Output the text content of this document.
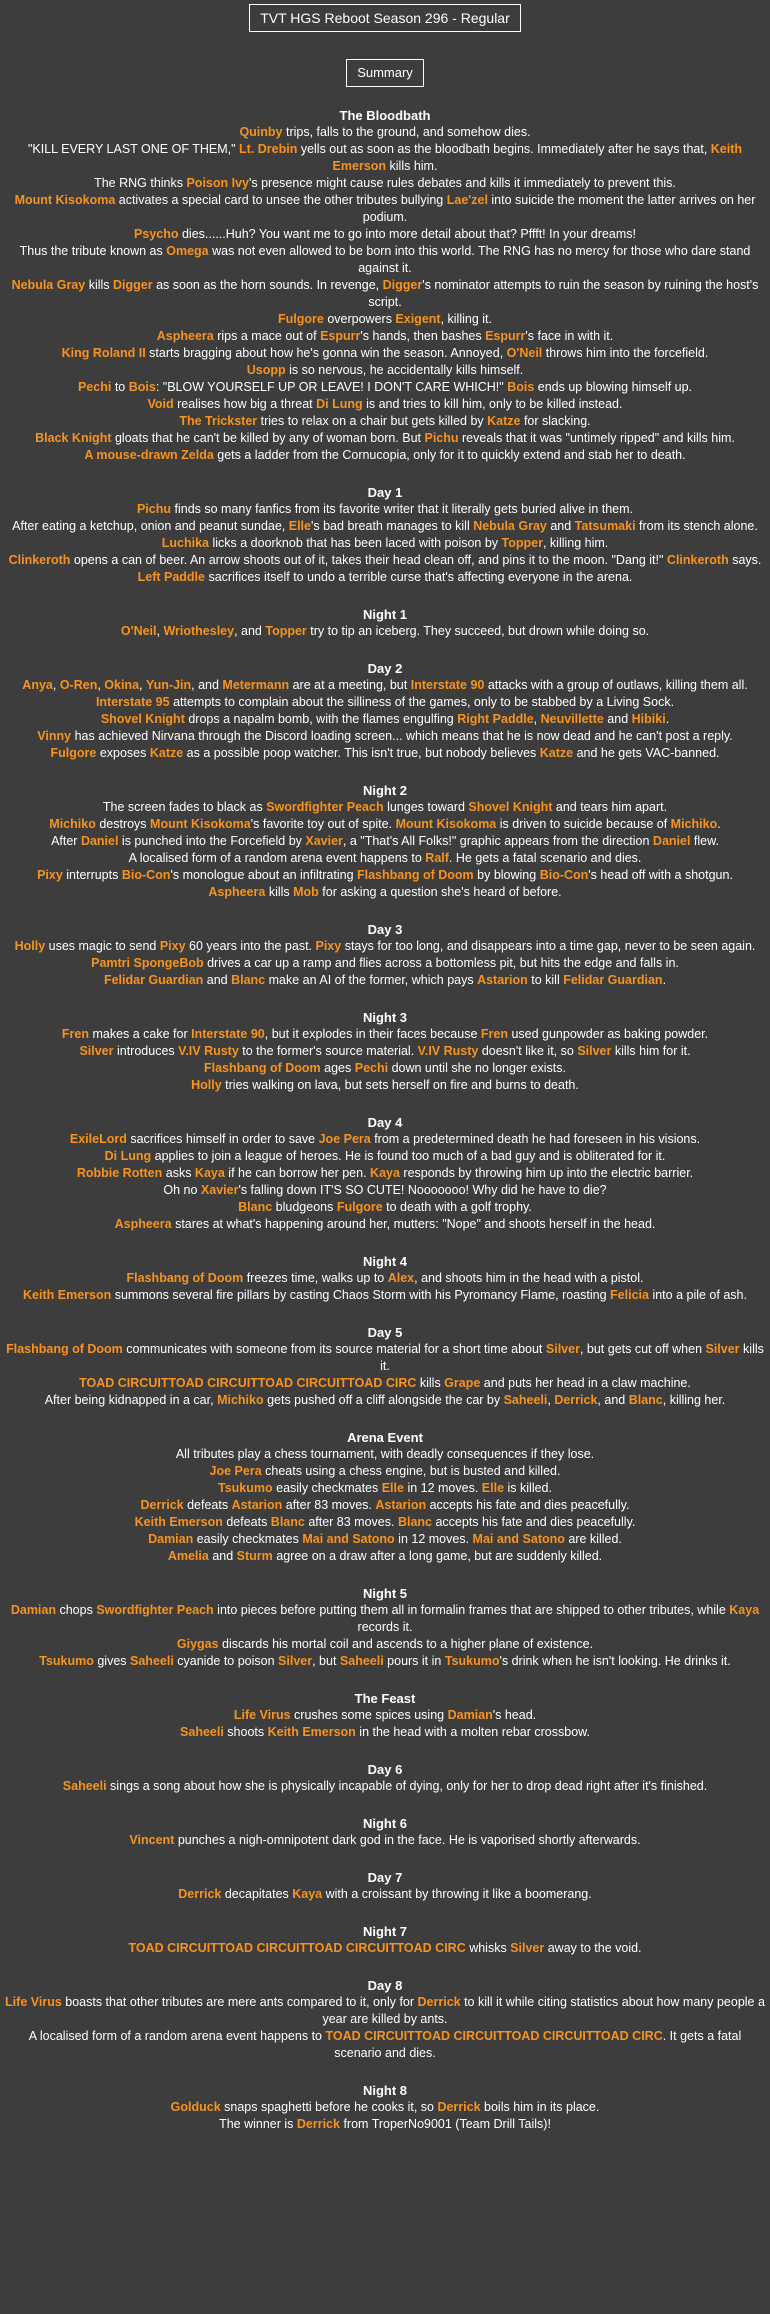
TVT HGS Reboot Season 296 - Regular
Summary
The Bloodbath
Quinby trips, falls to the ground, and somehow dies.
"KILL EVERY LAST ONE OF THEM," Lt. Drebin yells out as soon as the bloodbath begins. Immediately after he says that, Keith Emerson kills him.
The RNG thinks Poison Ivy's presence might cause rules debates and kills it immediately to prevent this.
Mount Kisokoma activates a special card to unsee the other tributes bullying Lae'zel into suicide the moment the latter arrives on her podium.
Psycho dies......Huh? You want me to go into more detail about that? Pffft! In your dreams!
Thus the tribute known as Omega was not even allowed to be born into this world. The RNG has no mercy for those who dare stand against it.
Nebula Gray kills Digger as soon as the horn sounds. In revenge, Digger's nominator attempts to ruin the season by ruining the host's script.
Fulgore overpowers Exigent, killing it.
Aspheera rips a mace out of Espurr's hands, then bashes Espurr's face in with it.
King Roland II starts bragging about how he's gonna win the season. Annoyed, O'Neil throws him into the forcefield.
Usopp is so nervous, he accidentally kills himself.
Pechi to Bois: "BLOW YOURSELF UP OR LEAVE! I DON'T CARE WHICH!" Bois ends up blowing himself up.
Void realises how big a threat Di Lung is and tries to kill him, only to be killed instead.
The Trickster tries to relax on a chair but gets killed by Katze for slacking.
Black Knight gloats that he can't be killed by any of woman born. But Pichu reveals that it was "untimely ripped" and kills him.
A mouse-drawn Zelda gets a ladder from the Cornucopia, only for it to quickly extend and stab her to death.
Day 1
Pichu finds so many fanfics from its favorite writer that it literally gets buried alive in them.
After eating a ketchup, onion and peanut sundae, Elle's bad breath manages to kill Nebula Gray and Tatsumaki from its stench alone.
Luchika licks a doorknob that has been laced with poison by Topper, killing him.
Clinkeroth opens a can of beer. An arrow shoots out of it, takes their head clean off, and pins it to the moon. "Dang it!" Clinkeroth says.
Left Paddle sacrifices itself to undo a terrible curse that's affecting everyone in the arena.
Night 1
O'Neil, Wriothesley, and Topper try to tip an iceberg. They succeed, but drown while doing so.
Day 2
Anya, O-Ren, Okina, Yun-Jin, and Metermann are at a meeting, but Interstate 90 attacks with a group of outlaws, killing them all.
Interstate 95 attempts to complain about the silliness of the games, only to be stabbed by a Living Sock.
Shovel Knight drops a napalm bomb, with the flames engulfing Right Paddle, Neuvillette and Hibiki.
Vinny has achieved Nirvana through the Discord loading screen... which means that he is now dead and he can't post a reply.
Fulgore exposes Katze as a possible poop watcher. This isn't true, but nobody believes Katze and he gets VAC-banned.
Night 2
The screen fades to black as Swordfighter Peach lunges toward Shovel Knight and tears him apart.
Michiko destroys Mount Kisokoma's favorite toy out of spite. Mount Kisokoma is driven to suicide because of Michiko.
After Daniel is punched into the Forcefield by Xavier, a "That's All Folks!" graphic appears from the direction Daniel flew.
A localised form of a random arena event happens to Ralf. He gets a fatal scenario and dies.
Pixy interrupts Bio-Con's monologue about an infiltrating Flashbang of Doom by blowing Bio-Con's head off with a shotgun.
Aspheera kills Mob for asking a question she's heard of before.
Day 3
Holly uses magic to send Pixy 60 years into the past. Pixy stays for too long, and disappears into a time gap, never to be seen again.
Pamtri SpongeBob drives a car up a ramp and flies across a bottomless pit, but hits the edge and falls in.
Felidar Guardian and Blanc make an AI of the former, which pays Astarion to kill Felidar Guardian.
Night 3
Fren makes a cake for Interstate 90, but it explodes in their faces because Fren used gunpowder as baking powder.
Silver introduces V.IV Rusty to the former's source material. V.IV Rusty doesn't like it, so Silver kills him for it.
Flashbang of Doom ages Pechi down until she no longer exists.
Holly tries walking on lava, but sets herself on fire and burns to death.
Day 4
ExileLord sacrifices himself in order to save Joe Pera from a predetermined death he had foreseen in his visions.
Di Lung applies to join a league of heroes. He is found too much of a bad guy and is obliterated for it.
Robbie Rotten asks Kaya if he can borrow her pen. Kaya responds by throwing him up into the electric barrier.
Oh no Xavier's falling down IT'S SO CUTE! Nooooooo! Why did he have to die?
Blanc bludgeons Fulgore to death with a golf trophy.
Aspheera stares at what's happening around her, mutters: "Nope" and shoots herself in the head.
Night 4
Flashbang of Doom freezes time, walks up to Alex, and shoots him in the head with a pistol.
Keith Emerson summons several fire pillars by casting Chaos Storm with his Pyromancy Flame, roasting Felicia into a pile of ash.
Day 5
Flashbang of Doom communicates with someone from its source material for a short time about Silver, but gets cut off when Silver kills it.
TOAD CIRCUITTOAD CIRCUITTOAD CIRCUITTOAD CIRC kills Grape and puts her head in a claw machine.
After being kidnapped in a car, Michiko gets pushed off a cliff alongside the car by Saheeli, Derrick, and Blanc, killing her.
Arena Event
All tributes play a chess tournament, with deadly consequences if they lose.
Joe Pera cheats using a chess engine, but is busted and killed.
Tsukumo easily checkmates Elle in 12 moves. Elle is killed.
Derrick defeats Astarion after 83 moves. Astarion accepts his fate and dies peacefully.
Keith Emerson defeats Blanc after 83 moves. Blanc accepts his fate and dies peacefully.
Damian easily checkmates Mai and Satono in 12 moves. Mai and Satono are killed.
Amelia and Sturm agree on a draw after a long game, but are suddenly killed.
Night 5
Damian chops Swordfighter Peach into pieces before putting them all in formalin frames that are shipped to other tributes, while Kaya records it.
Giygas discards his mortal coil and ascends to a higher plane of existence.
Tsukumo gives Saheeli cyanide to poison Silver, but Saheeli pours it in Tsukumo's drink when he isn't looking. He drinks it.
The Feast
Life Virus crushes some spices using Damian's head.
Saheeli shoots Keith Emerson in the head with a molten rebar crossbow.
Day 6
Saheeli sings a song about how she is physically incapable of dying, only for her to drop dead right after it's finished.
Night 6
Vincent punches a nigh-omnipotent dark god in the face. He is vaporised shortly afterwards.
Day 7
Derrick decapitates Kaya with a croissant by throwing it like a boomerang.
Night 7
TOAD CIRCUITTOAD CIRCUITTOAD CIRCUITTOAD CIRC whisks Silver away to the void.
Day 8
Life Virus boasts that other tributes are mere ants compared to it, only for Derrick to kill it while citing statistics about how many people a year are killed by ants.
A localised form of a random arena event happens to TOAD CIRCUITTOAD CIRCUITTOAD CIRCUITTOAD CIRC. It gets a fatal scenario and dies.
Night 8
Golduck snaps spaghetti before he cooks it, so Derrick boils him in its place.
The winner is Derrick from TroperNo9001 (Team Drill Tails)!
